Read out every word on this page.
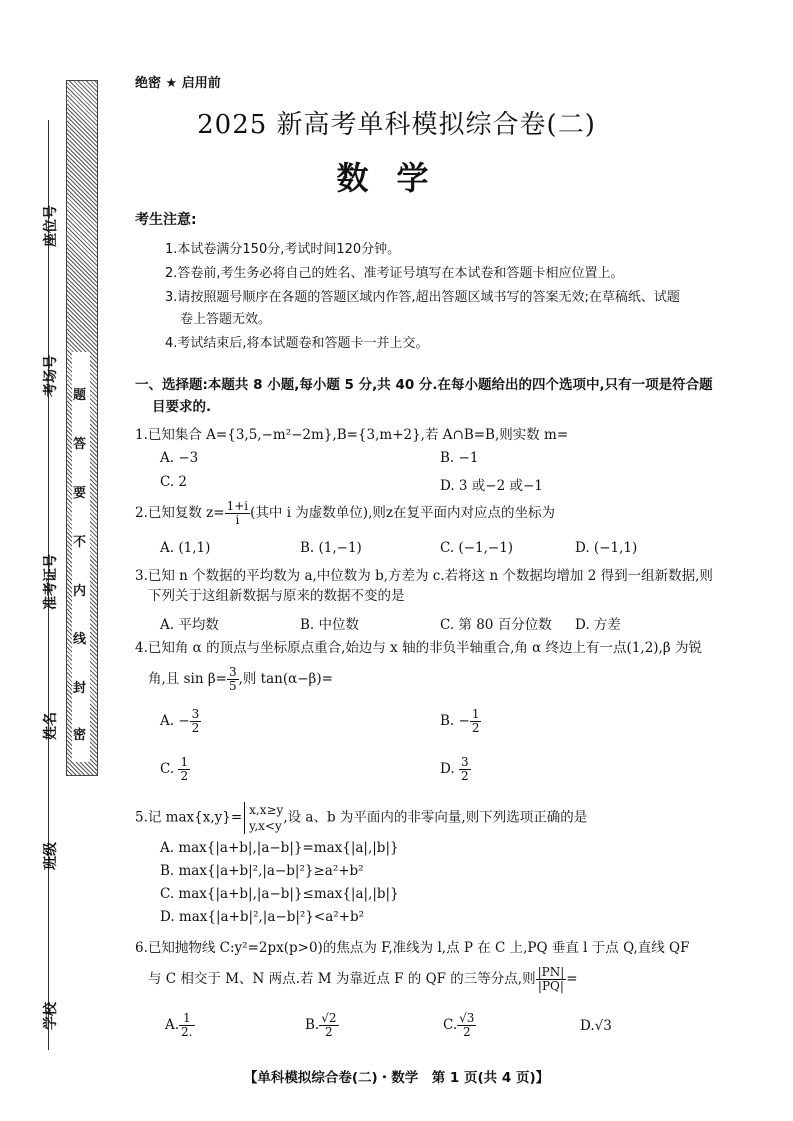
座位号
考场号
准考证号
姓名
班级
学校
题
答
要
不
内
线
封
密
绝密 ★ 启用前
2025 新高考单科模拟综合卷(二)
数学
考生注意:
1.本试卷满分150分,考试时间120分钟。
2.答卷前,考生务必将自己的姓名、准考证号填写在本试卷和答题卡相应位置上。
3.请按照题号顺序在各题的答题区域内作答,超出答题区域书写的答案无效;在草稿纸、试题
卷上答题无效。
4.考试结束后,将本试题卷和答题卡一并上交。
一、选择题:本题共 8 小题,每小题 5 分,共 40 分.在每小题给出的四个选项中,只有一项是符合题
目要求的.
1.已知集合 A={3,5,−m²−2m},B={3,m+2},若 A∩B=B,则实数 m=
A. −3	B. −1
C. 2	D. 3 或−2 或−1
2.已知复数 $z= \frac{1+i}{i}$ (其中 i 为虚数单位),则z在复平面内对应点的坐标为
A. (1,1)	B. (1,−1)	C. (−1,−1)	D. (−1,1)
3.已知 n 个数据的平均数为 a,中位数为 b,方差为 c.若将这 n 个数据均增加 2 得到一组新数据,则
下列关于这组新数据与原来的数据不变的是
A. 平均数	B. 中位数	C. 第 80 百分位数 D. 方差
4.已知角 α 的顶点与坐标原点重合,始边与 x 轴的非负半轴重合,角 α 终边上有一点(1,2),β 为锐
角,且 $\sin \beta= \frac{3}{5}$ ,则 tan(α−β)=
A. − $\frac{3}{2}$	B. − $\frac{1}{2}$
C. $\frac{1}{2}$	D. $\frac{3}{2}$
5.记 max{x,y}= x,x≥y
y,x<y
,设 a、b 为平面内的非零向量,则下列选项正确的是
A. max{|a+b|,|a−b|}=max{|a|,|b|}
B. max{|a+b|²,|a−b|²}≥a²+b²
C. max{|a+b|,|a−b|}≤max{|a|,|b|}
D. max{|a+b|²,|a−b|²}<a²+b²
6.已知抛物线 C:y²=2px(p>0)的焦点为 F,准线为 l,点 P 在 C 上,PQ 垂直 l 于点 Q,直线 QF
与 C 相交于 M、N 两点.若 M 为靠近点 F 的 QF 的三等分点,则 $\frac{|PN|}{|PQ|}$ =
A. $\frac{1}{2.}$	B. $\frac{√2}{2}$	C. $\frac{√3}{2}$	D.√3
【单科模拟综合卷(二)・数学　第 1 页(共 4 页)】
